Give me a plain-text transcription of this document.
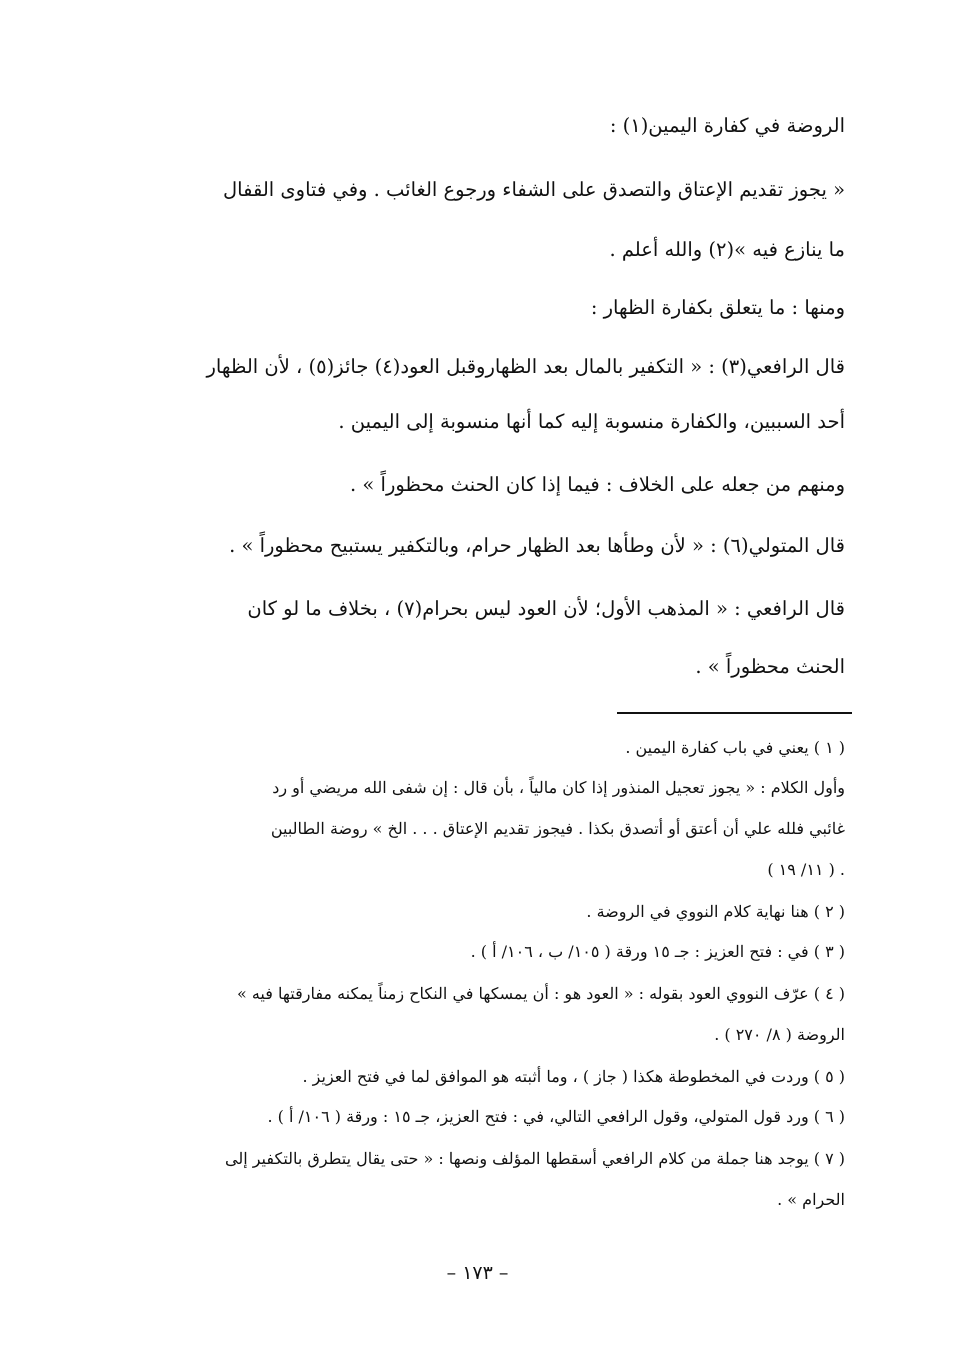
الروضة في كفارة اليمين(١) :
« يجوز تقديم الإعتاق والتصدق على الشفاء ورجوع الغائب . وفي فتاوى القفال
ما ينازع فيه »(٢) والله أعلم .
ومنها : ما يتعلق بكفارة الظهار :
قال الرافعي(٣) : « التكفير بالمال بعد الظهاروقبل العود(٤) جائز(٥) ، لأن الظهار
أحد السببين، والكفارة منسوبة إليه كما أنها منسوبة إلى اليمين .
ومنهم من جعله على الخلاف : فيما إذا كان الحنث محظوراً » .
قال المتولي(٦) : « لأن وطأها بعد الظهار حرام، وبالتكفير يستبيح محظوراً » .
قال الرافعي : « المذهب الأول؛ لأن العود ليس بحرام(٧) ، بخلاف ما لو كان
الحنث محظوراً » .
( ١ ) يعني في باب كفارة اليمين .
وأول الكلام : « يجوز تعجيل المنذور إذا كان مالياً ، بأن قال : إن شفى الله مريضي أو رد
غائبي فلله علي أن أعتق أو أتصدق بكذا . فيجوز تقديم الإعتاق . . . الخ » روضة الطالبين
( ١١/ ١٩ ) .
( ٢ ) هنا نهاية كلام النووي في الروضة .
( ٣ ) في : فتح العزيز : جـ ١٥ ورقة ( ١٠٥/ ب ، ١٠٦/ أ ) .
( ٤ ) عرّف النووي العود بقوله : « العود هو : أن يمسكها في النكاح زمناً يمكنه مفارقتها فيه »
الروضة ( ٨/ ٢٧٠ ) .
( ٥ ) وردت في المخطوطة هكذا ( جاز ) ، وما أثبته هو الموافق لما في فتح العزيز .
( ٦ ) ورد قول المتولي، وقول الرافعي التالي، في : فتح العزيز، جـ ١٥ : ورقة ( ١٠٦/ أ ) .
( ٧ ) يوجد هنا جملة من كلام الرافعي أسقطها المؤلف ونصها : « حتى يقال يتطرق بالتكفير إلى
الحرام » .
– ١٧٣ –
